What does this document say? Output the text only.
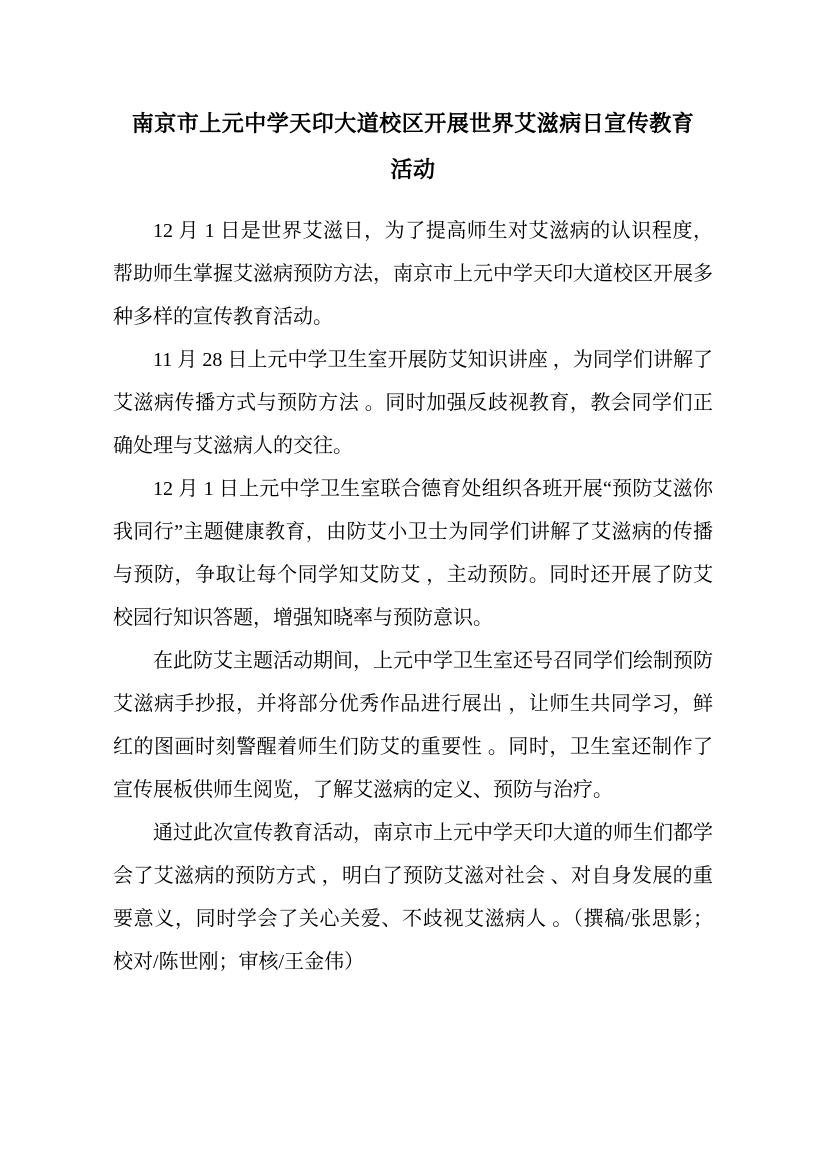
南京市上元中学天印大道校区开展世界艾滋病日宣传教育
活动

12 月 1 日是世界艾滋日，为了提高师生对艾滋病的认识程度，帮助师生掌握艾滋病预防方法，南京市上元中学天印大道校区开展多种多样的宣传教育活动。

11 月 28 日上元中学卫生室开展防艾知识讲座 ，为同学们讲解了艾滋病传播方式与预防方法 。同时加强反歧视教育，教会同学们正确处理与艾滋病人的交往。

12 月 1 日上元中学卫生室联合德育处组织各班开展“预防艾滋你我同行”主题健康教育，由防艾小卫士为同学们讲解了艾滋病的传播与预防，争取让每个同学知艾防艾 ，主动预防。同时还开展了防艾校园行知识答题，增强知晓率与预防意识。

在此防艾主题活动期间，上元中学卫生室还号召同学们绘制预防艾滋病手抄报，并将部分优秀作品进行展出 ，让师生共同学习，鲜红的图画时刻警醒着师生们防艾的重要性 。同时，卫生室还制作了宣传展板供师生阅览，了解艾滋病的定义、预防与治疗。

通过此次宣传教育活动，南京市上元中学天印大道的师生们都学会了艾滋病的预防方式 ，明白了预防艾滋对社会 、对自身发展的重要意义，同时学会了关心关爱、不歧视艾滋病人 。（撰稿/张思影；校对/陈世刚；审核/王金伟）
